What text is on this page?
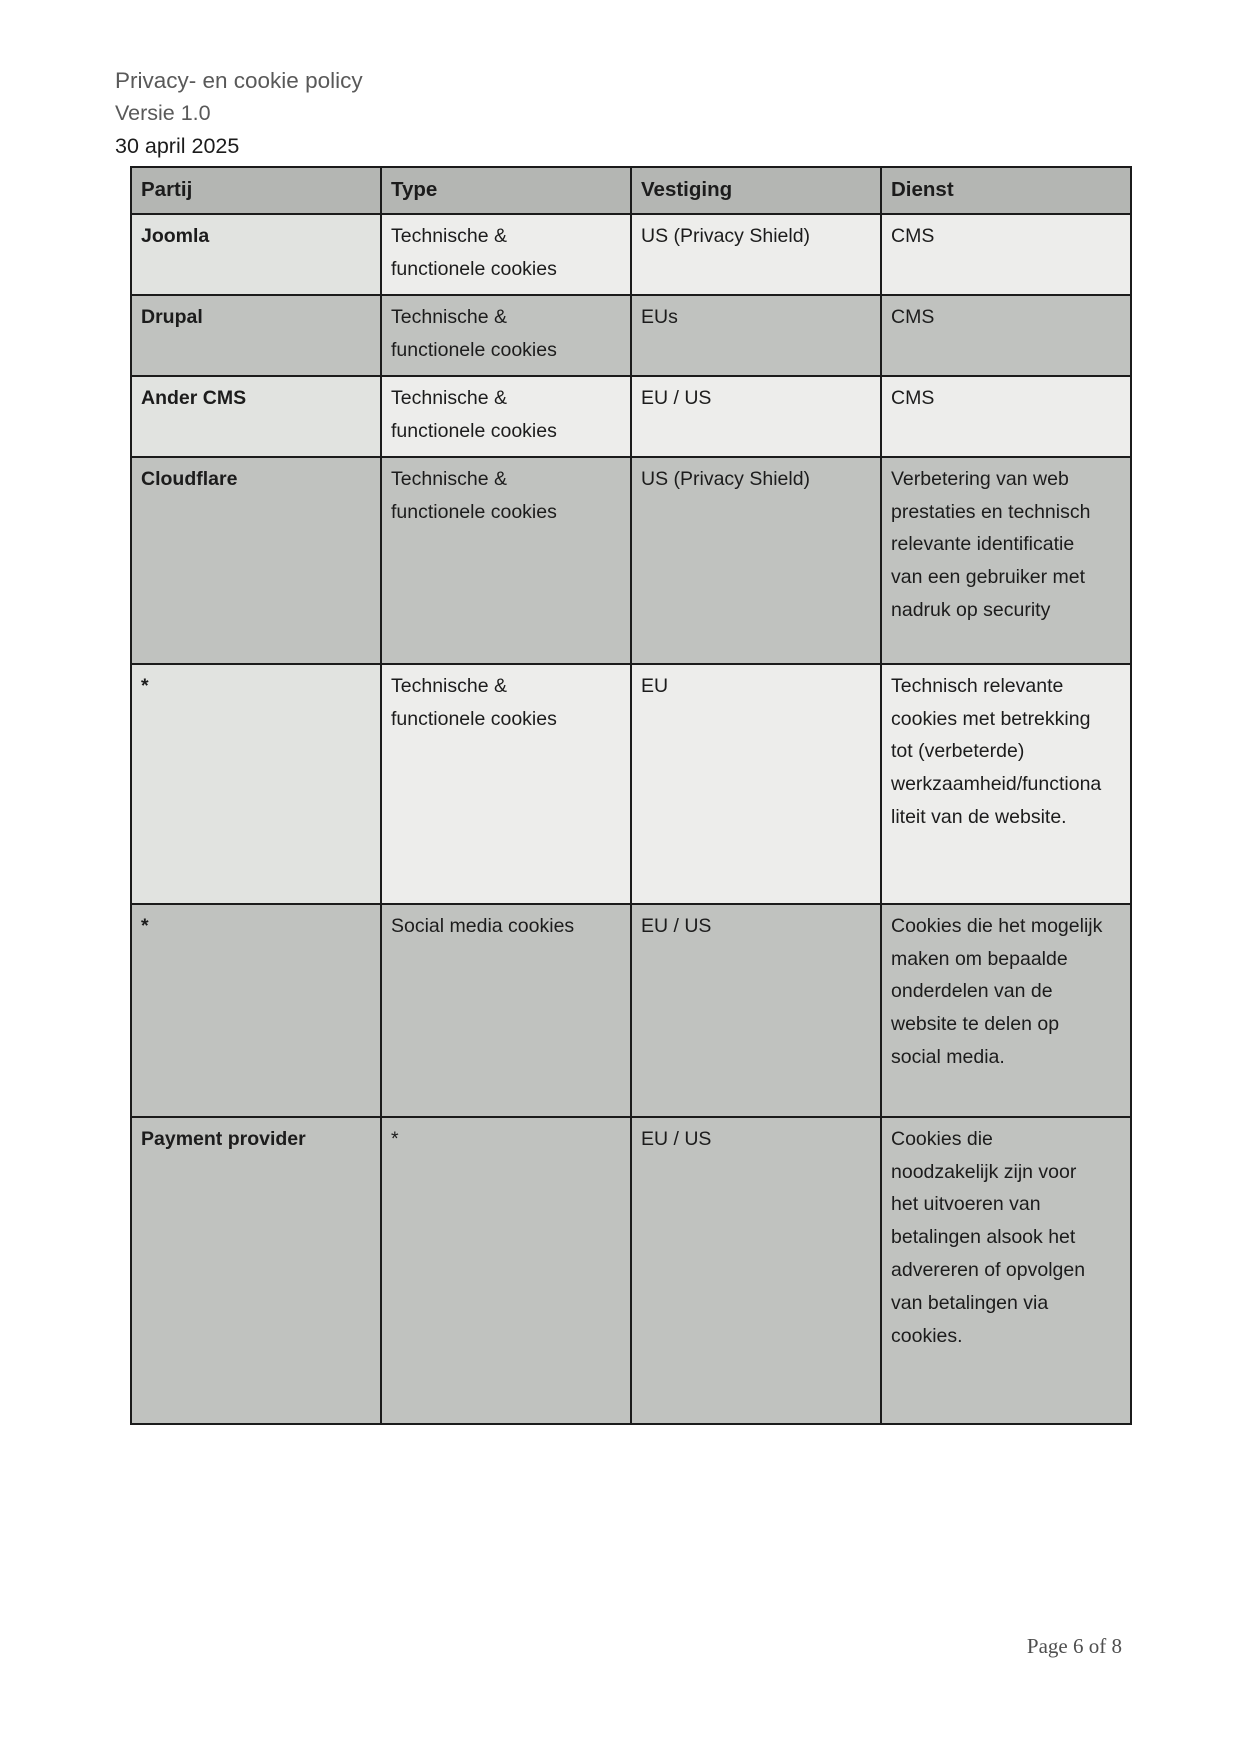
Privacy- en cookie policy
Versie 1.0
30 april 2025
Partij	Type	Vestiging	Dienst
Joomla	Technische & functionele cookies	US (Privacy Shield)	CMS
Drupal	Technische & functionele cookies	EUs	CMS
Ander CMS	Technische & functionele cookies	EU / US	CMS
Cloudflare	Technische & functionele cookies	US (Privacy Shield)	Verbetering van web prestaties en technisch relevante identificatie van een gebruiker met nadruk op security
*	Technische & functionele cookies	EU	Technisch relevante cookies met betrekking tot (verbeterde) werkzaamheid/functionaliteit van de website.
*	Social media cookies	EU / US	Cookies die het mogelijk maken om bepaalde onderdelen van de website te delen op social media.
Payment provider	*	EU / US	Cookies die noodzakelijk zijn voor het uitvoeren van betalingen alsook het advereren of opvolgen van betalingen via cookies.
Page 6 of 8
